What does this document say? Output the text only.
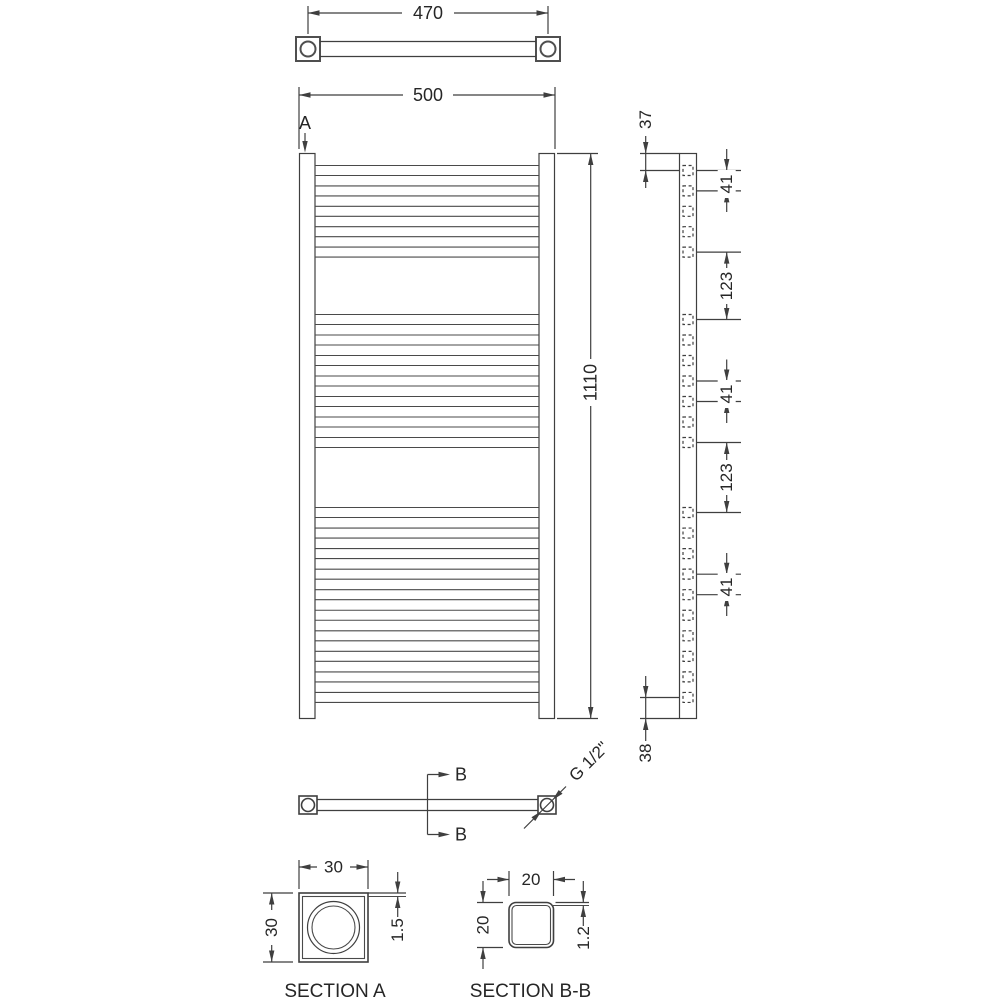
470
500
A
1110
37
41
123
41
123
41
38
B
B
G 1/2"
30
30	1.5
SECTION A
20
20
1.2
SECTION B-B
